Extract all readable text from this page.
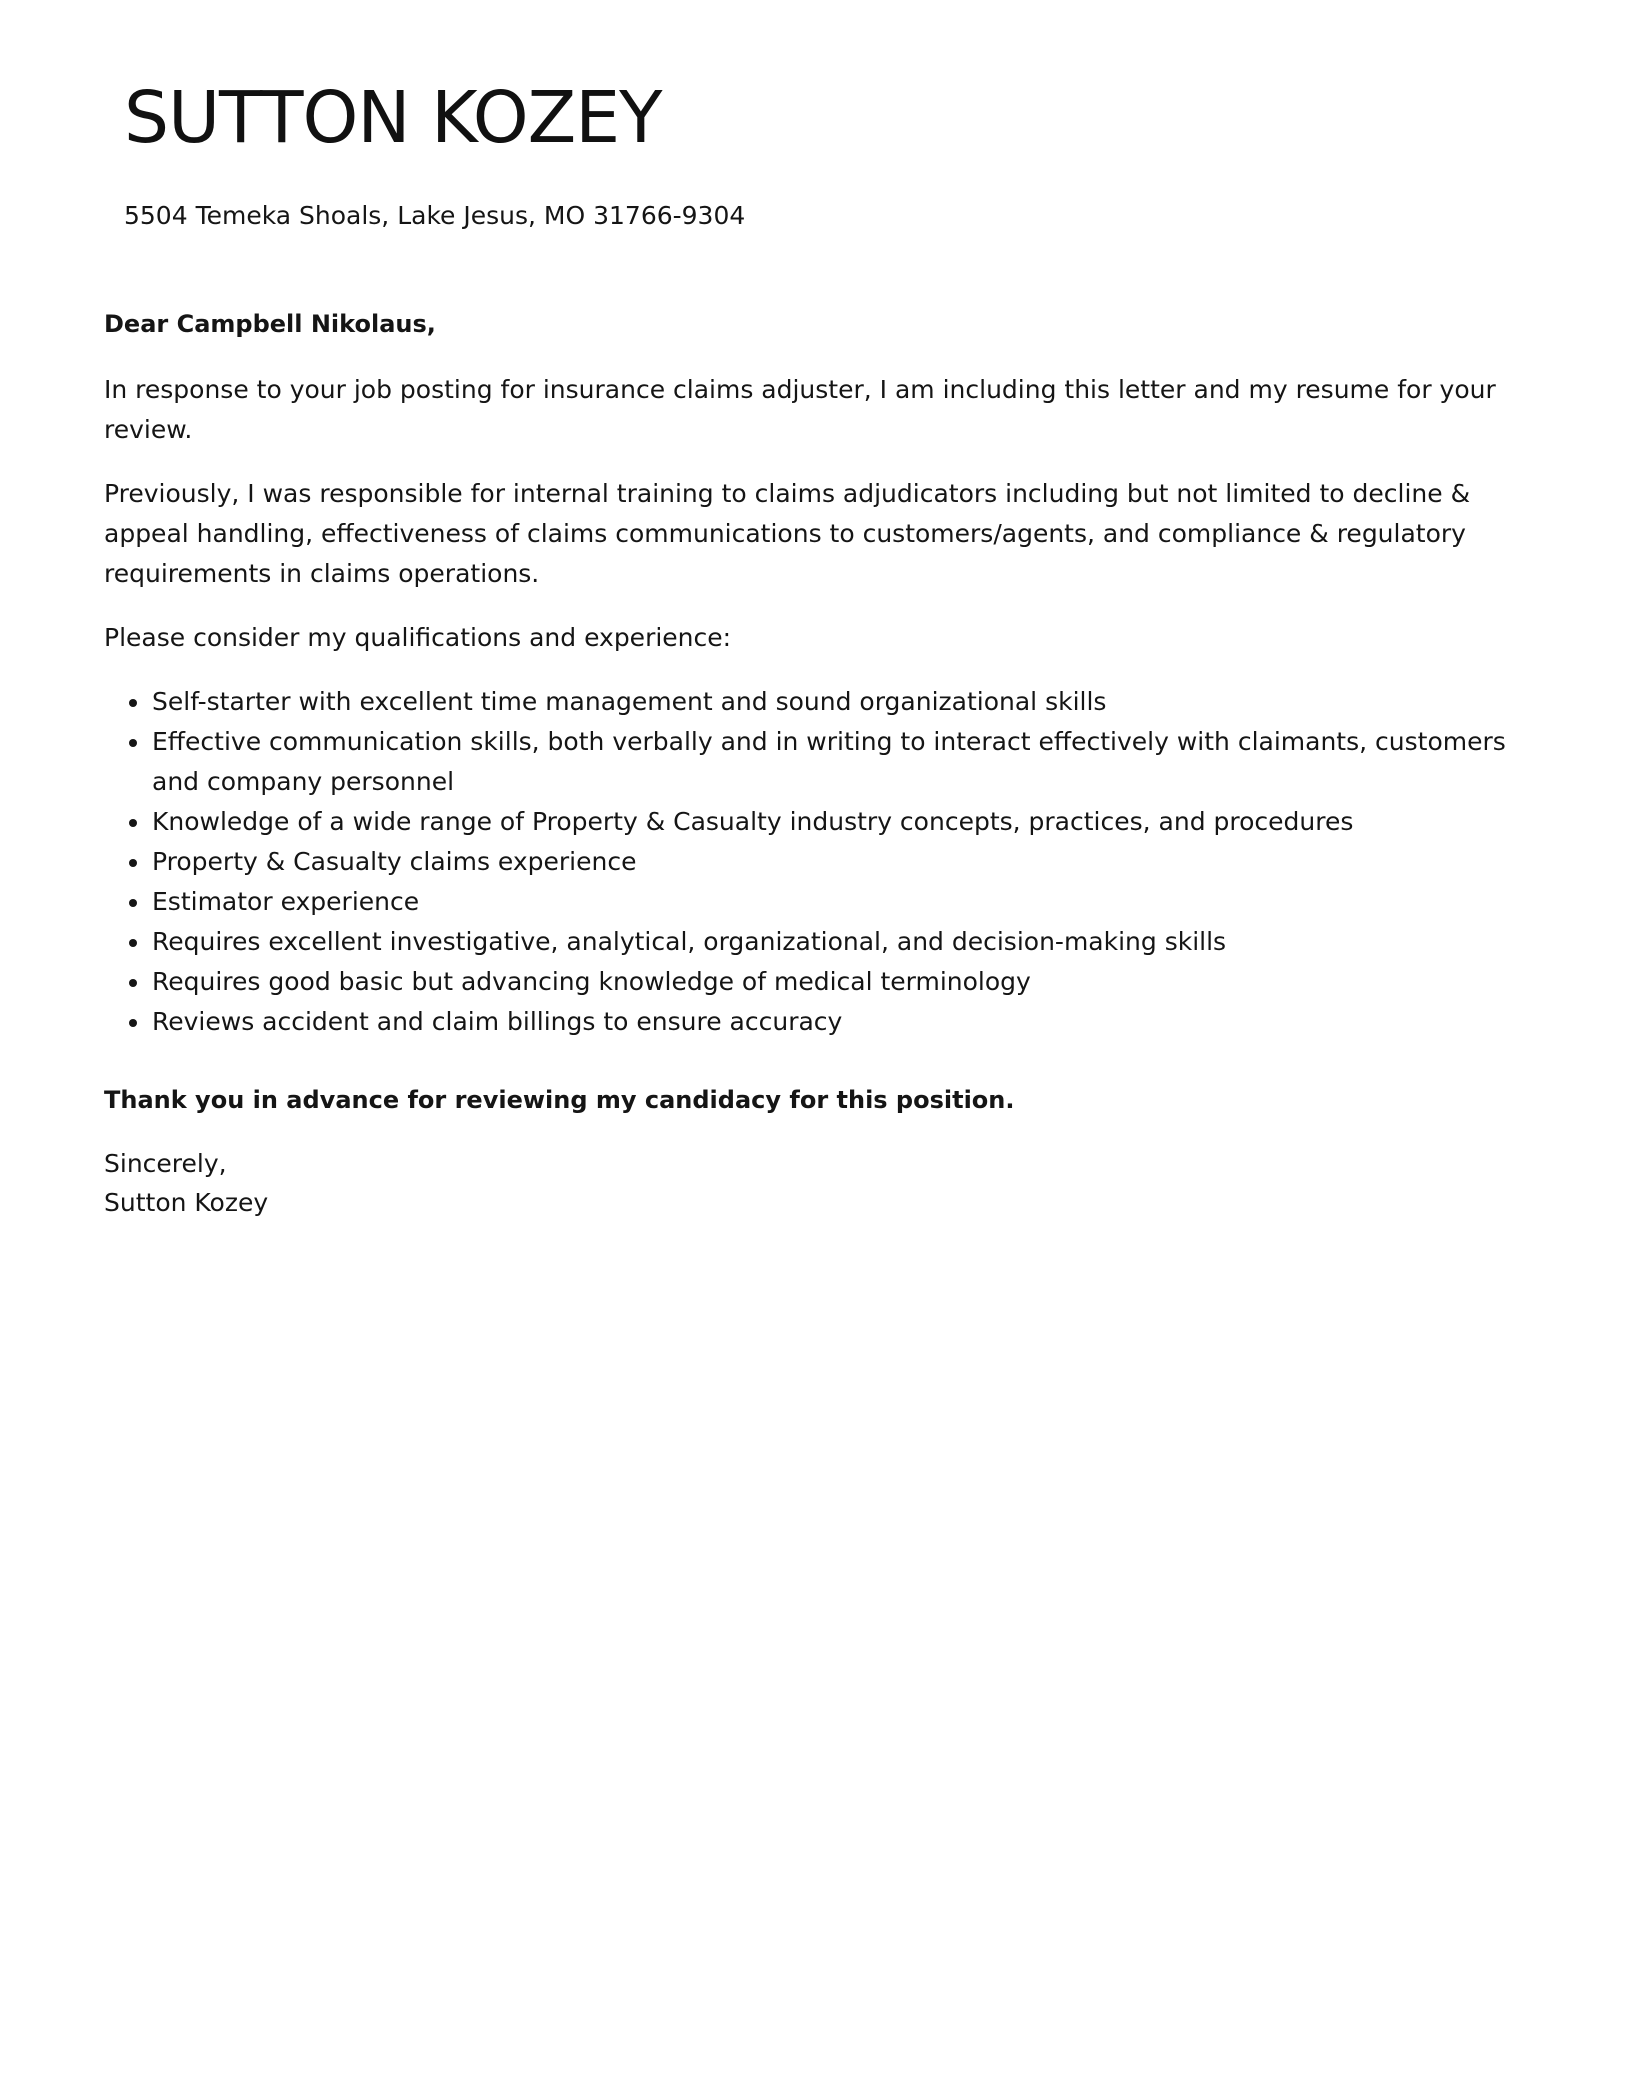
SUTTON KOZEY

5504 Temeka Shoals, Lake Jesus, MO 31766-9304

Dear Campbell Nikolaus,

In response to your job posting for insurance claims adjuster, I am including this letter and my resume for your review.

Previously, I was responsible for internal training to claims adjudicators including but not limited to decline & appeal handling, effectiveness of claims communications to customers/agents, and compliance & regulatory requirements in claims operations.

Please consider my qualifications and experience:

Self-starter with excellent time management and sound organizational skills
Effective communication skills, both verbally and in writing to interact effectively with claimants, customers and company personnel
Knowledge of a wide range of Property & Casualty industry concepts, practices, and procedures
Property & Casualty claims experience
Estimator experience
Requires excellent investigative, analytical, organizational, and decision-making skills
Requires good basic but advancing knowledge of medical terminology
Reviews accident and claim billings to ensure accuracy

Thank you in advance for reviewing my candidacy for this position.

Sincerely,

Sutton Kozey
